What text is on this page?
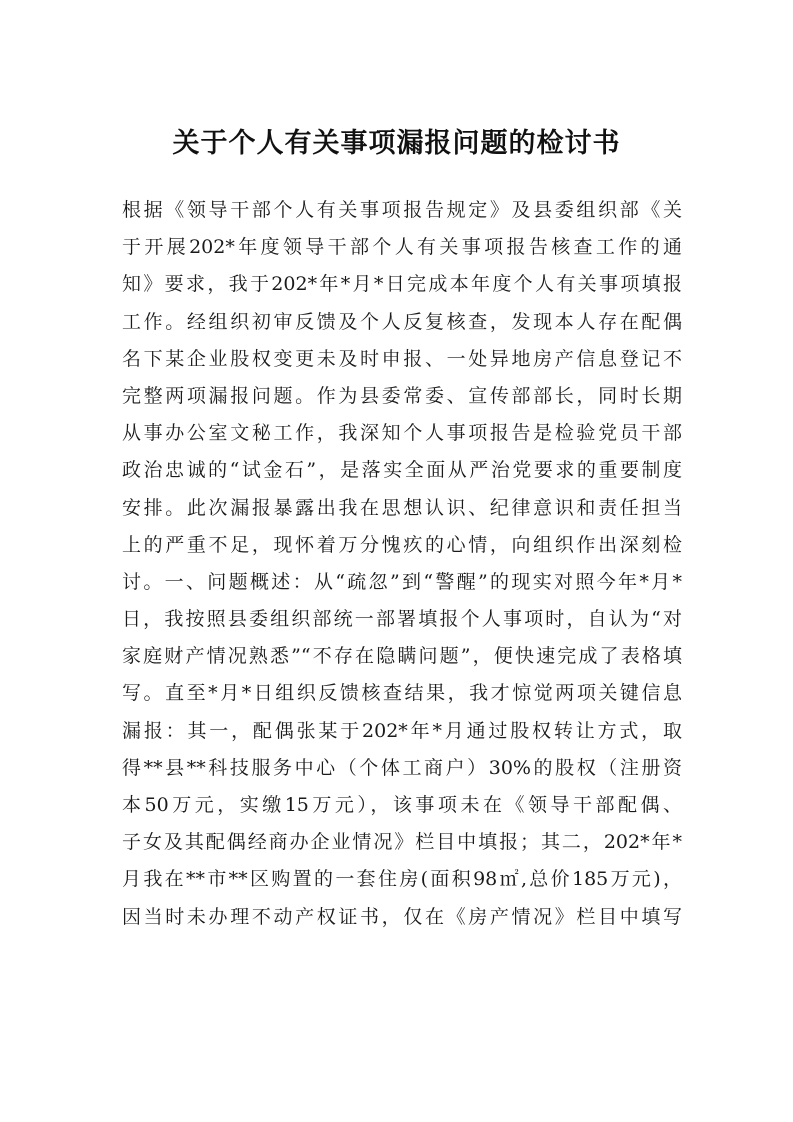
关于个人有关事项漏报问题的检讨书
根据《领导干部个人有关事项报告规定》及县委组织部《关
于开展202*年度领导干部个人有关事项报告核查工作的通
知》要求，我于202*年*月*日完成本年度个人有关事项填报
工作。经组织初审反馈及个人反复核查，发现本人存在配偶
名下某企业股权变更未及时申报、一处异地房产信息登记不
完整两项漏报问题。作为县委常委、宣传部部长，同时长期
从事办公室文秘工作，我深知个人事项报告是检验党员干部
政治忠诚的“试金石”，是落实全面从严治党要求的重要制度
安排。此次漏报暴露出我在思想认识、纪律意识和责任担当
上的严重不足，现怀着万分愧疚的心情，向组织作出深刻检
讨。一、问题概述：从“疏忽”到“警醒”的现实对照今年*月*
日，我按照县委组织部统一部署填报个人事项时，自认为“对
家庭财产情况熟悉”“不存在隐瞒问题”，便快速完成了表格填
写。直至*月*日组织反馈核查结果，我才惊觉两项关键信息
漏报：其一，配偶张某于202*年*月通过股权转让方式，取
得**县**科技服务中心（个体工商户）30%的股权（注册资
本50万元，实缴15万元），该事项未在《领导干部配偶、
子女及其配偶经商办企业情况》栏目中填报；其二，202*年*
月我在**市**区购置的一套住房(面积98㎡,总价185万元)，
因当时未办理不动产权证书，仅在《房产情况》栏目中填写
